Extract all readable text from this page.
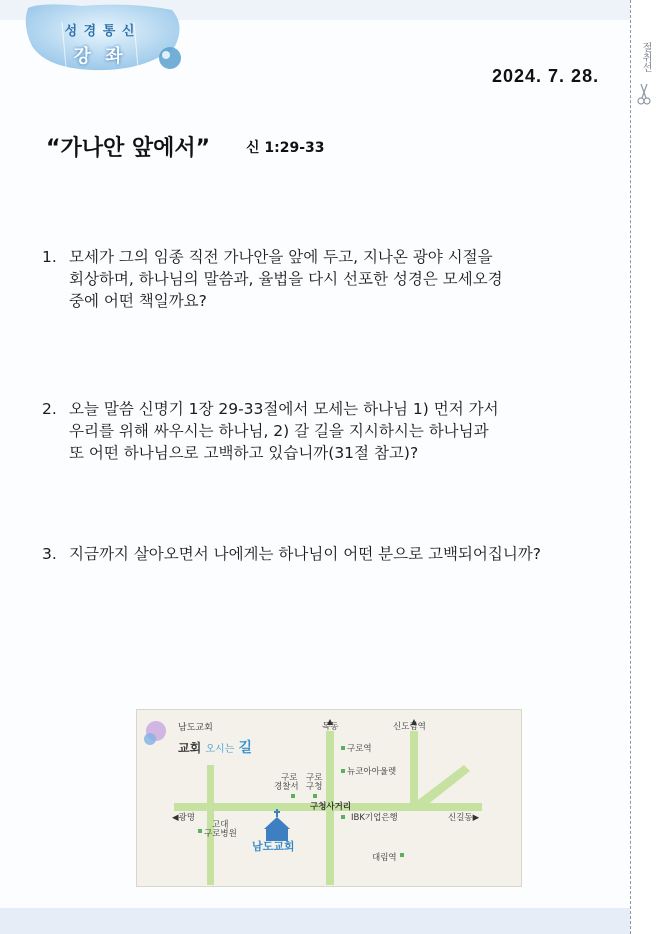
절취선
성 경 통 신
강 좌
2024. 7. 28.
“가나안 앞에서”	신 1:29-33
1. 모세가 그의 임종 직전 가나안을 앞에 두고, 지나온 광야 시절을
회상하며, 하나님의 말씀과, 율법을 다시 선포한 성경은 모세오경
중에 어떤 책일까요?
2. 오늘 말씀 신명기 1장 29-33절에서 모세는 하나님 1) 먼저 가서
우리를 위해 싸우시는 하나님, 2) 갈 길을 지시하시는 하나님과
또 어떤 하나님으로 고백하고 있습니까(31절 참고)?
3. 지금까지 살아오면서 나에게는 하나님이 어떤 분으로 고백되어집니까?
남도교회
교회 오시는 길
목동	신도림역
구로역
뉴코아아울렛
구로
경찰서
구로
구청
구청사거리
◀광명	IBK기업은행	신길동▶
고대
구로병원
남도교회
대림역
